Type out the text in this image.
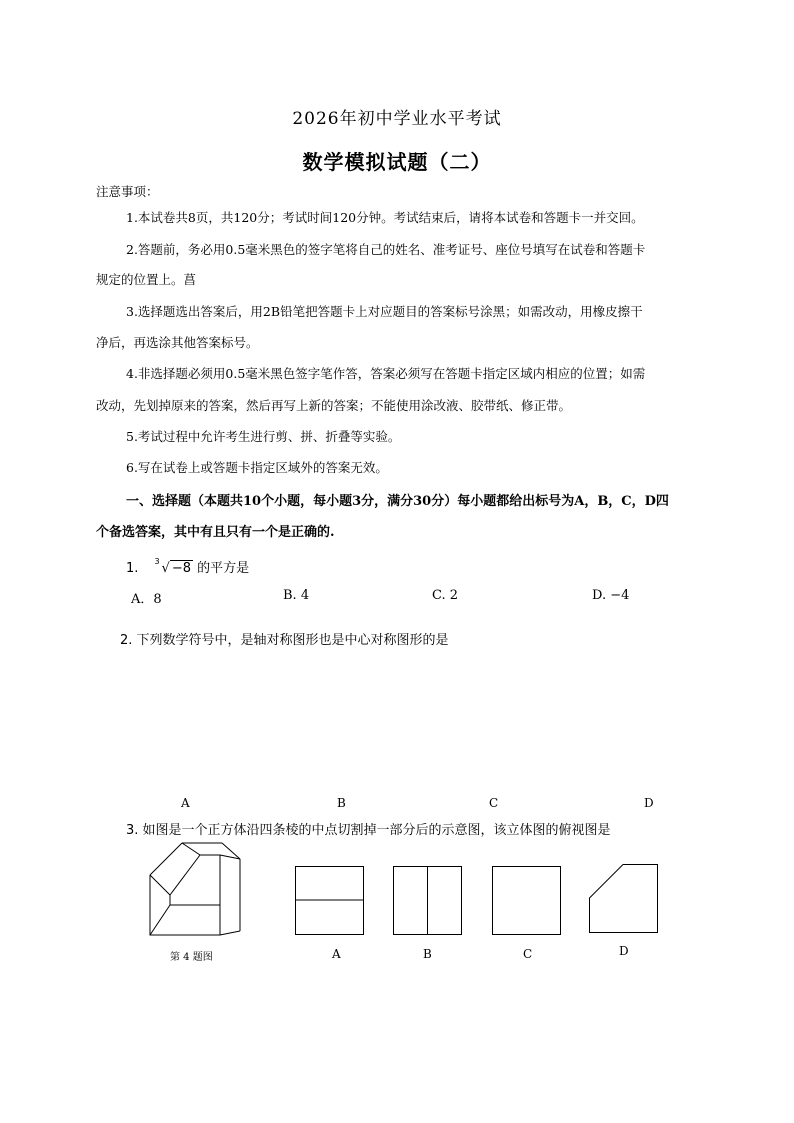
2026年初中学业水平考试
数学模拟试题（二）
注意事项：
1.本试卷共8页，共120分；考试时间120分钟。考试结束后，请将本试卷和答题卡一并交回。
2.答题前，务必用0.5毫米黑色的签字笔将自己的姓名、准考证号、座位号填写在试卷和答题卡
规定的位置上。菖
3.选择题选出答案后，用2B铅笔把答题卡上对应题目的答案标号涂黑；如需改动，用橡皮擦干
净后，再选涂其他答案标号。
4.非选择题必须用0.5毫米黑色签字笔作答，答案必须写在答题卡指定区域内相应的位置；如需
改动，先划掉原来的答案，然后再写上新的答案；不能使用涂改液、胶带纸、修正带。
5.考试过程中允许考生进行剪、拼、折叠等实验。
6.写在试卷上或答题卡指定区域外的答案无效。
一、选择题（本题共10个小题，每小题3分，满分30分）每小题都给出标号为A，B，C，D四
个备选答案，其中有且只有一个是正确的.
1. 3 √ −8 的平方是
A．8	B. 4	C. 2	D. −4
2. 下列数学符号中，是轴对称图形也是中心对称图形的是
A	B	C	D
3. 如图是一个正方体沿四条棱的中点切割掉一部分后的示意图，该立体图的俯视图是
第 4 题图	A	B	C	D
